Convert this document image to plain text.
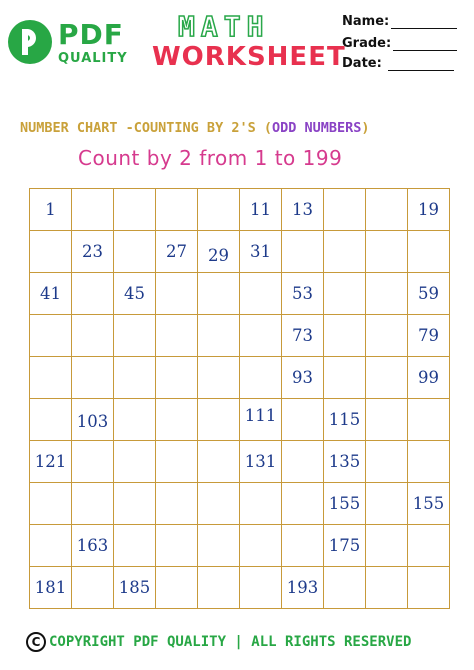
PDF
QUALITY
MATH
WORKSHEET
Name:
Grade:
Date:
NUMBER CHART -COUNTING BY 2'S (ODD NUMBERS)
Count by 2 from 1 to 199
1					11	13			19
	23		27	29	31				
41		45				53			59
						73			79
						93			99
	103				111		115		
121					131		135		
							155		155
	163						175		
181		185				193			
C COPYRIGHT PDF QUALITY | ALL RIGHTS RESERVED
